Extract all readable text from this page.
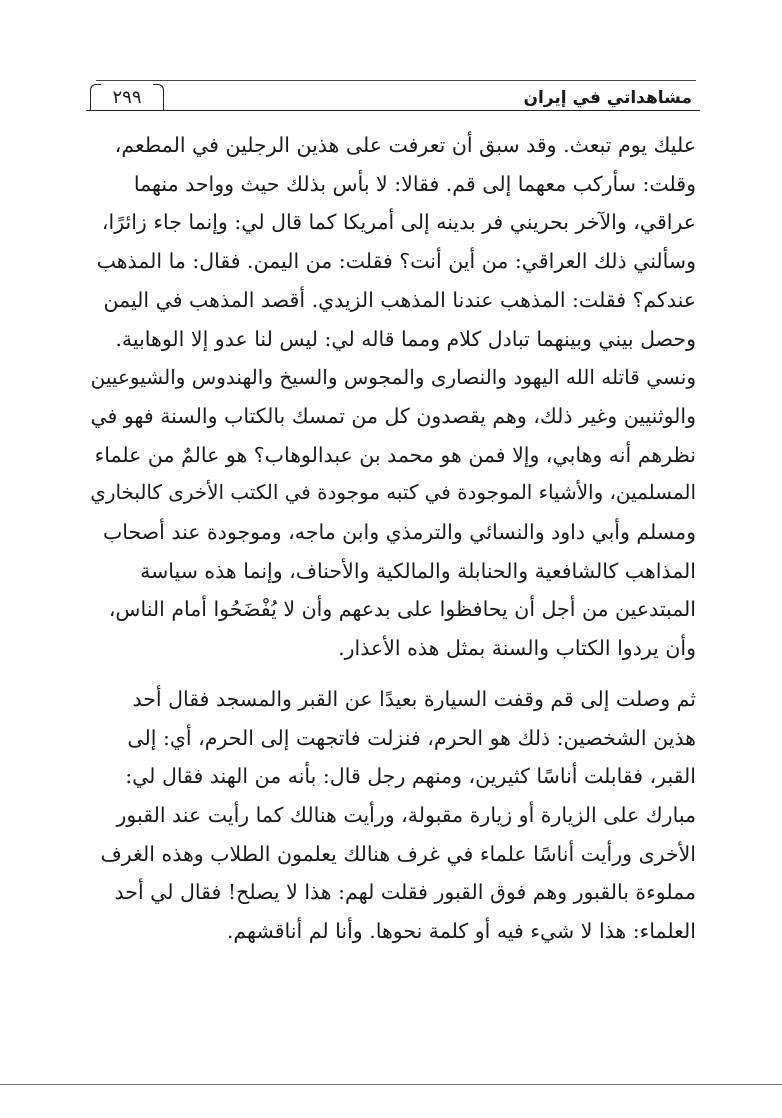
مشاهداتي في إيران
٢٩٩

عليك يوم تبعث. وقد سبق أن تعرفت على هذين الرجلين في المطعم،
وقلت: سأركب معهما إلى قم. فقالا: لا بأس بذلك حيث وواحد منهما
عراقي، والآخر بحريني فر بدينه إلى أمريكا كما قال لي: وإنما جاء زائرًا،
وسألني ذلك العراقي: من أين أنت؟ فقلت: من اليمن. فقال: ما المذهب
عندكم؟ فقلت: المذهب عندنا المذهب الزيدي. أقصد المذهب في اليمن
وحصل بيني وبينهما تبادل كلام ومما قاله لي: ليس لنا عدو إلا الوهابية.
ونسي قاتله الله اليهود والنصارى والمجوس والسيخ والهندوس والشيوعيين
والوثنيين وغير ذلك، وهم يقصدون كل من تمسك بالكتاب والسنة فهو في
نظرهم أنه وهابي، وإلا فمن هو محمد بن عبدالوهاب؟ هو عالمٌ من علماء
المسلمين، والأشياء الموجودة في كتبه موجودة في الكتب الأخرى كالبخاري
ومسلم وأبي داود والنسائي والترمذي وابن ماجه، وموجودة عند أصحاب
المذاهب كالشافعية والحنابلة والمالكية والأحناف، وإنما هذه سياسة
المبتدعين من أجل أن يحافظوا على بدعهم وأن لا يُفْضَحُوا أمام الناس،
وأن يردوا الكتاب والسنة بمثل هذه الأعذار.

ثم وصلت إلى قم وقفت السيارة بعيدًا عن القبر والمسجد فقال أحد
هذين الشخصين: ذلك هو الحرم، فنزلت فاتجهت إلى الحرم، أي: إلى
القبر، فقابلت أناسًا كثيرين، ومنهم رجل قال: بأنه من الهند فقال لي:
مبارك على الزيارة أو زيارة مقبولة، ورأيت هنالك كما رأيت عند القبور
الأخرى ورأيت أناسًا علماء في غرف هنالك يعلمون الطلاب وهذه الغرف
مملوءة بالقبور وهم فوق القبور فقلت لهم: هذا لا يصلح! فقال لي أحد
العلماء: هذا لا شيء فيه أو كلمة نحوها. وأنا لم أناقشهم.
